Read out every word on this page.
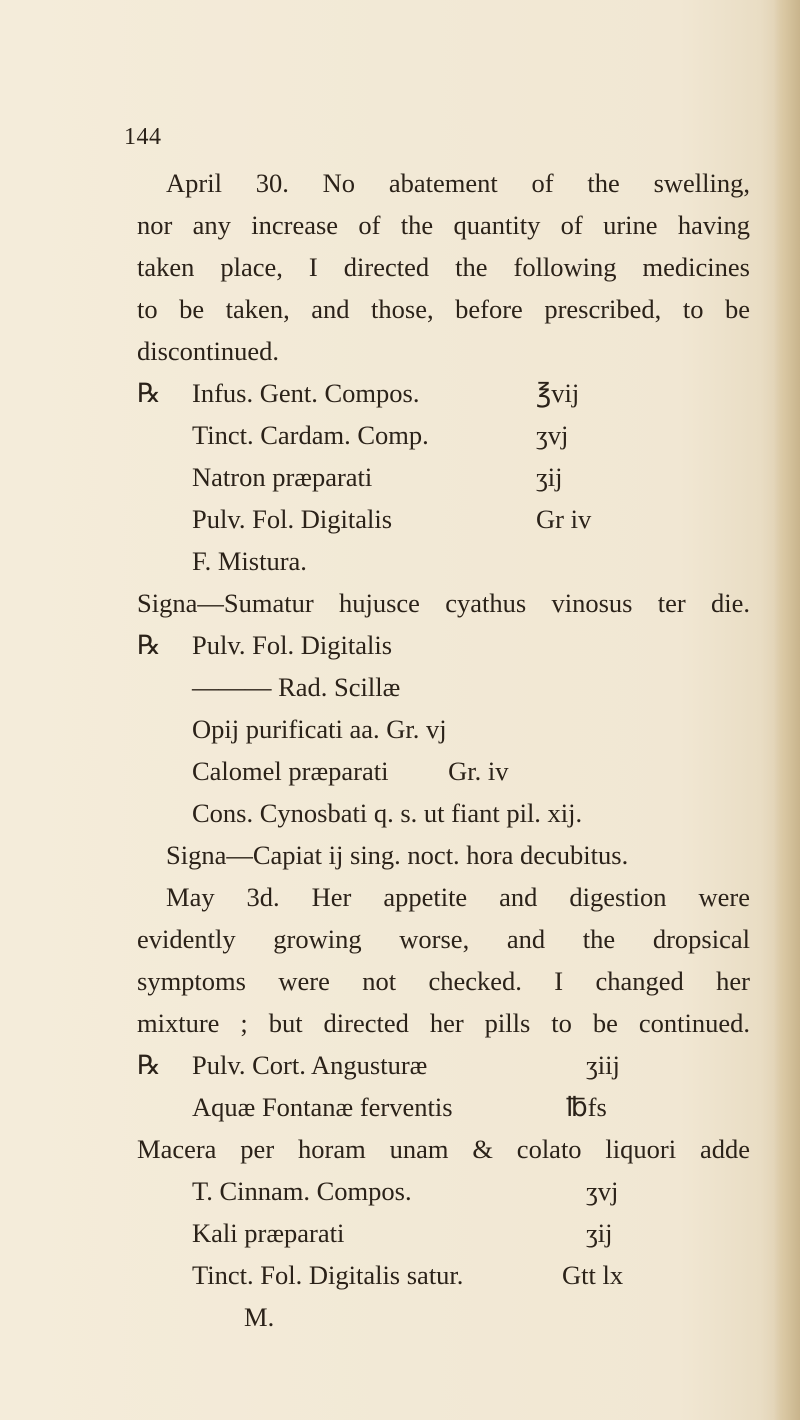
144
April 30. No abatement of the swelling,
nor any increase of the quantity of urine having
taken place, I directed the following medicines
to be taken, and those, before prescribed, to be
discontinued.
℞ Infus. Gent. Compos.	℥vij
Tinct. Cardam. Comp.	ʒvj
Natron præparati	ʒij
Pulv. Fol. Digitalis	Gr iv
F. Mistura.
Signa—Sumatur hujusce cyathus vinosus ter die.
℞ Pulv. Fol. Digitalis
——— Rad. Scillæ
Opij purificati aa. Gr. vj
Calomel præparati         Gr. iv
Cons. Cynosbati q. s. ut fiant pil. xij.
Signa—Capiat ij sing. noct. hora decubitus.
May 3d. Her appetite and digestion were
evidently growing worse, and the dropsical
symptoms were not checked. I changed her
mixture ; but directed her pills to be continued.
℞ Pulv. Cort. Angusturæ	ʒiij
Aquæ Fontanæ ferventis	℔fs
Macera per horam unam & colato liquori adde
T. Cinnam. Compos.	ʒvj
Kali præparati	ʒij
Tinct. Fol. Digitalis satur.	Gtt lx
M.
